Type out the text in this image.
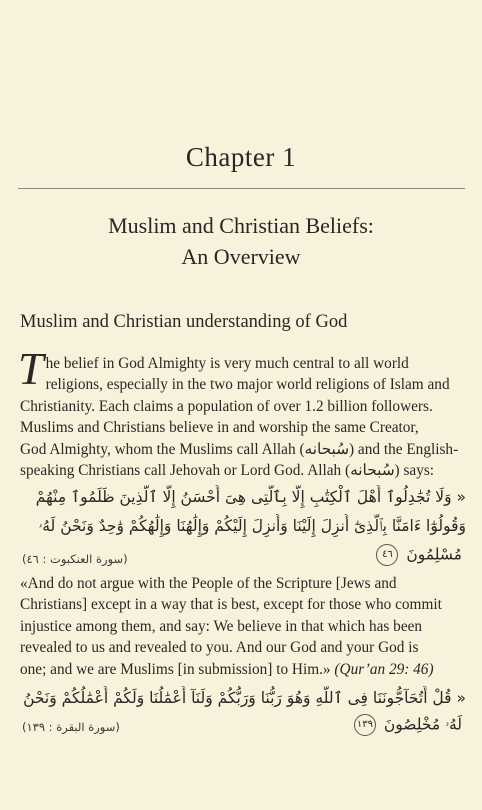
Chapter 1
Muslim and Christian Beliefs:
An Overview
Muslim and Christian understanding of God
T he belief in God Almighty is very much central to all world
religions, especially in the two major world religions of Islam and
Christianity. Each claims a population of over 1.2 billion followers.
Muslims and Christians believe in and worship the same Creator,
God Almighty, whom the Muslims call Allah (سُبحانه) and the English-
speaking Christians call Jehovah or Lord God. Allah (سُبحانه) says:
« وَلَا تُجَٰدِلُوٱ أَهْلَ ٱلْكِتَٰبِ إِلَّا بِٱلَّتِى هِىَ أَحْسَنُ إِلَّا ٱلَّذِينَ ظَلَمُوٱ مِنْهُمْ
وَقُولُوٰٓا ءَامَنَّا بِٱلَّذِىٰٓ أُنزِلَ إِلَيْنَا وَأُنزِلَ إِلَيْكُمْ وَإِلَٰهُنَا وَإِلَٰهُكُمْ وَٰحِدٌ وَنَحْنُ لَهُۥ
مُسْلِمُونَ ٤٦
(سورة العنكبوت : ٤٦)
«And do not argue with the People of the Scripture [Jews and
Christians] except in a way that is best, except for those who commit
injustice among them, and say: We believe in that which has been
revealed to us and revealed to you. And our God and your God is
one; and we are Muslims [in submission] to Him.» (Qur’an 29: 46)
« قُلْ أَتُحَآجُّونَنَا فِى ٱللَّهِ وَهُوَ رَبُّنَا وَرَبُّكُمْ وَلَنَآ أَعْمَٰلُنَا وَلَكُمْ أَعْمَٰلُكُمْ وَنَحْنُ
لَهُۥ مُخْلِصُونَ ١٣٩
(سورة البقرة : ١٣٩)
